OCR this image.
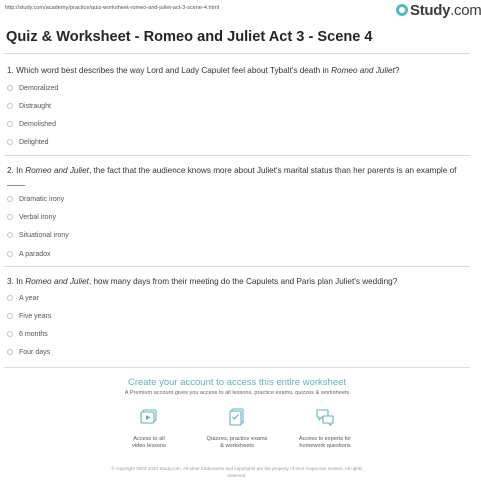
http://study.com/academy/practice/quiz-worksheet-romeo-and-juliet-act-3-scene-4.html	Study.com
Quiz & Worksheet - Romeo and Juliet Act 3 - Scene 4

1. Which word best describes the way Lord and Lady Capulet feel about Tybalt's death in Romeo and Juliet?

Demoralized
Distraught
Demolished
Delighted

2. In Romeo and Juliet, the fact that the audience knows more about Juliet's marital status than her parents is an example of ____

Dramatic irony
Verbal irony
Situational irony
A paradox

3. In Romeo and Juliet, how many days from their meeting do the Capulets and Paris plan Juliet's wedding?

A year
Five years
6 months
Four days
Create your account to access this entire worksheet
A Premium account gives you access to all lessons, practice exams, quizzes & worksheets
Access to all
video lessons
Quizzes, practice exams
& worksheets
Access to experts for
homework questions
© copyright 2003-2020 Study.com. All other trademarks and copyrights are the property of their respective owners. All rights
reserved.
